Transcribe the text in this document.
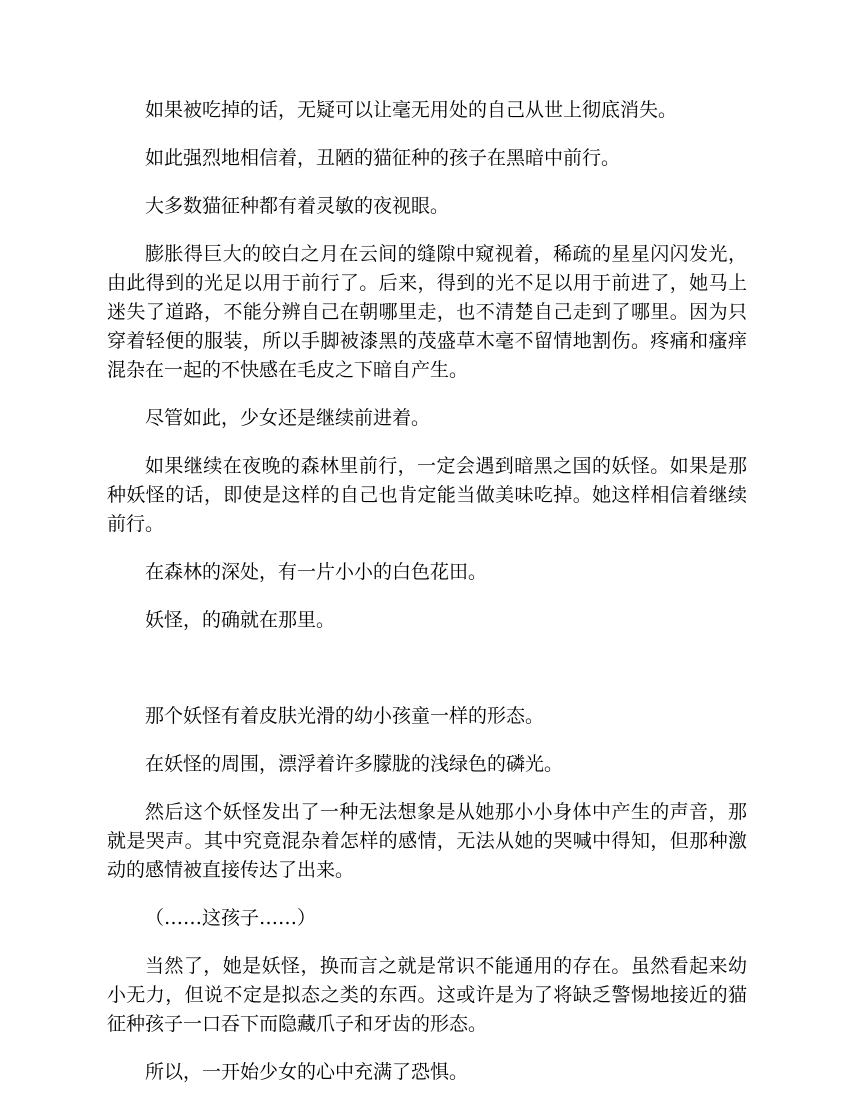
如果被吃掉的话，无疑可以让毫无用处的自己从世上彻底消失。

如此强烈地相信着，丑陋的猫征种的孩子在黑暗中前行。

大多数猫征种都有着灵敏的夜视眼。

膨胀得巨大的皎白之月在云间的缝隙中窥视着，稀疏的星星闪闪发光，由此得到的光足以用于前行了。后来，得到的光不足以用于前进了，她马上迷失了道路，不能分辨自己在朝哪里走，也不清楚自己走到了哪里。因为只穿着轻便的服装，所以手脚被漆黑的茂盛草木毫不留情地割伤。疼痛和瘙痒混杂在一起的不快感在毛皮之下暗自产生。

尽管如此，少女还是继续前进着。

如果继续在夜晚的森林里前行，一定会遇到暗黑之国的妖怪。如果是那种妖怪的话，即使是这样的自己也肯定能当做美味吃掉。她这样相信着继续前行。

在森林的深处，有一片小小的白色花田。

妖怪，的确就在那里。

那个妖怪有着皮肤光滑的幼小孩童一样的形态。

在妖怪的周围，漂浮着许多朦胧的浅绿色的磷光。

然后这个妖怪发出了一种无法想象是从她那小小身体中产生的声音，那就是哭声。其中究竟混杂着怎样的感情，无法从她的哭喊中得知，但那种激动的感情被直接传达了出来。

（……这孩子……）

当然了，她是妖怪，换而言之就是常识不能通用的存在。虽然看起来幼小无力，但说不定是拟态之类的东西。这或许是为了将缺乏警惕地接近的猫征种孩子一口吞下而隐藏爪子和牙齿的形态。

所以，一开始少女的心中充满了恐惧。
